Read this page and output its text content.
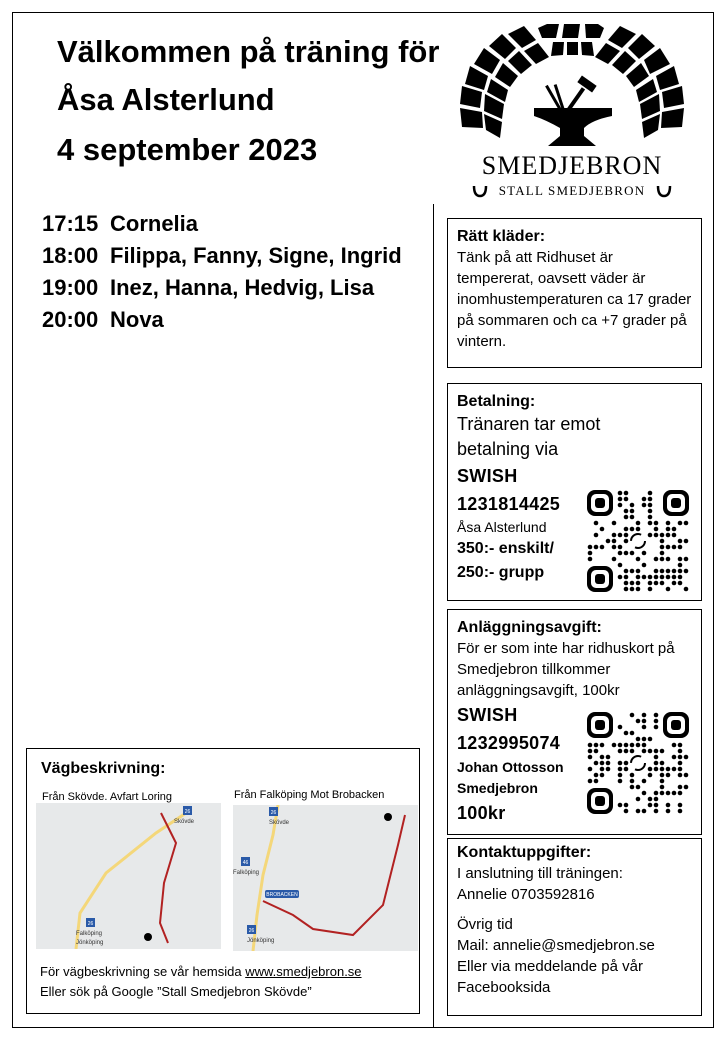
Välkommen på träning för
Åsa Alsterlund
4 september 2023	SMEDJEBRON
STALL SMEDJEBRON
17:15 Cornelia
18:00 Filippa, Fanny, Signe, Ingrid
19:00 Inez, Hanna, Hedvig, Lisa
20:00 Nova
Rätt kläder:
Tänk på att Ridhuset är tempererat, oavsett väder är inomhustemperaturen ca 17 grader på sommaren och ca +7 grader på vintern.
Betalning:
Tränaren tar emot betalning via
SWISH
1231814425
Åsa Alsterlund
350:- enskilt/
250:- grupp
Anläggningsavgift:
För er som inte har ridhuskort på Smedjebron tillkommer anläggningsavgift, 100kr
SWISH
1232995074
Johan Ottosson
Smedjebron
100kr
Kontaktuppgifter:
I anslutning till träningen:
Annelie 0703592816
Övrig tid
Mail: annelie@smedjebron.se
Eller via meddelande på vår Facebooksida
Vägbeskrivning:
Från Skövde. Avfart Loring	Från Falköping Mot Brobacken
26
Skövde
26
Falköping
Jönköping
26
Skövde
46
Falköping
BROBACKEN
26
Jönköping
För vägbeskrivning se vår hemsida www.smedjebron.se
Eller sök på Google ”Stall Smedjebron Skövde”
